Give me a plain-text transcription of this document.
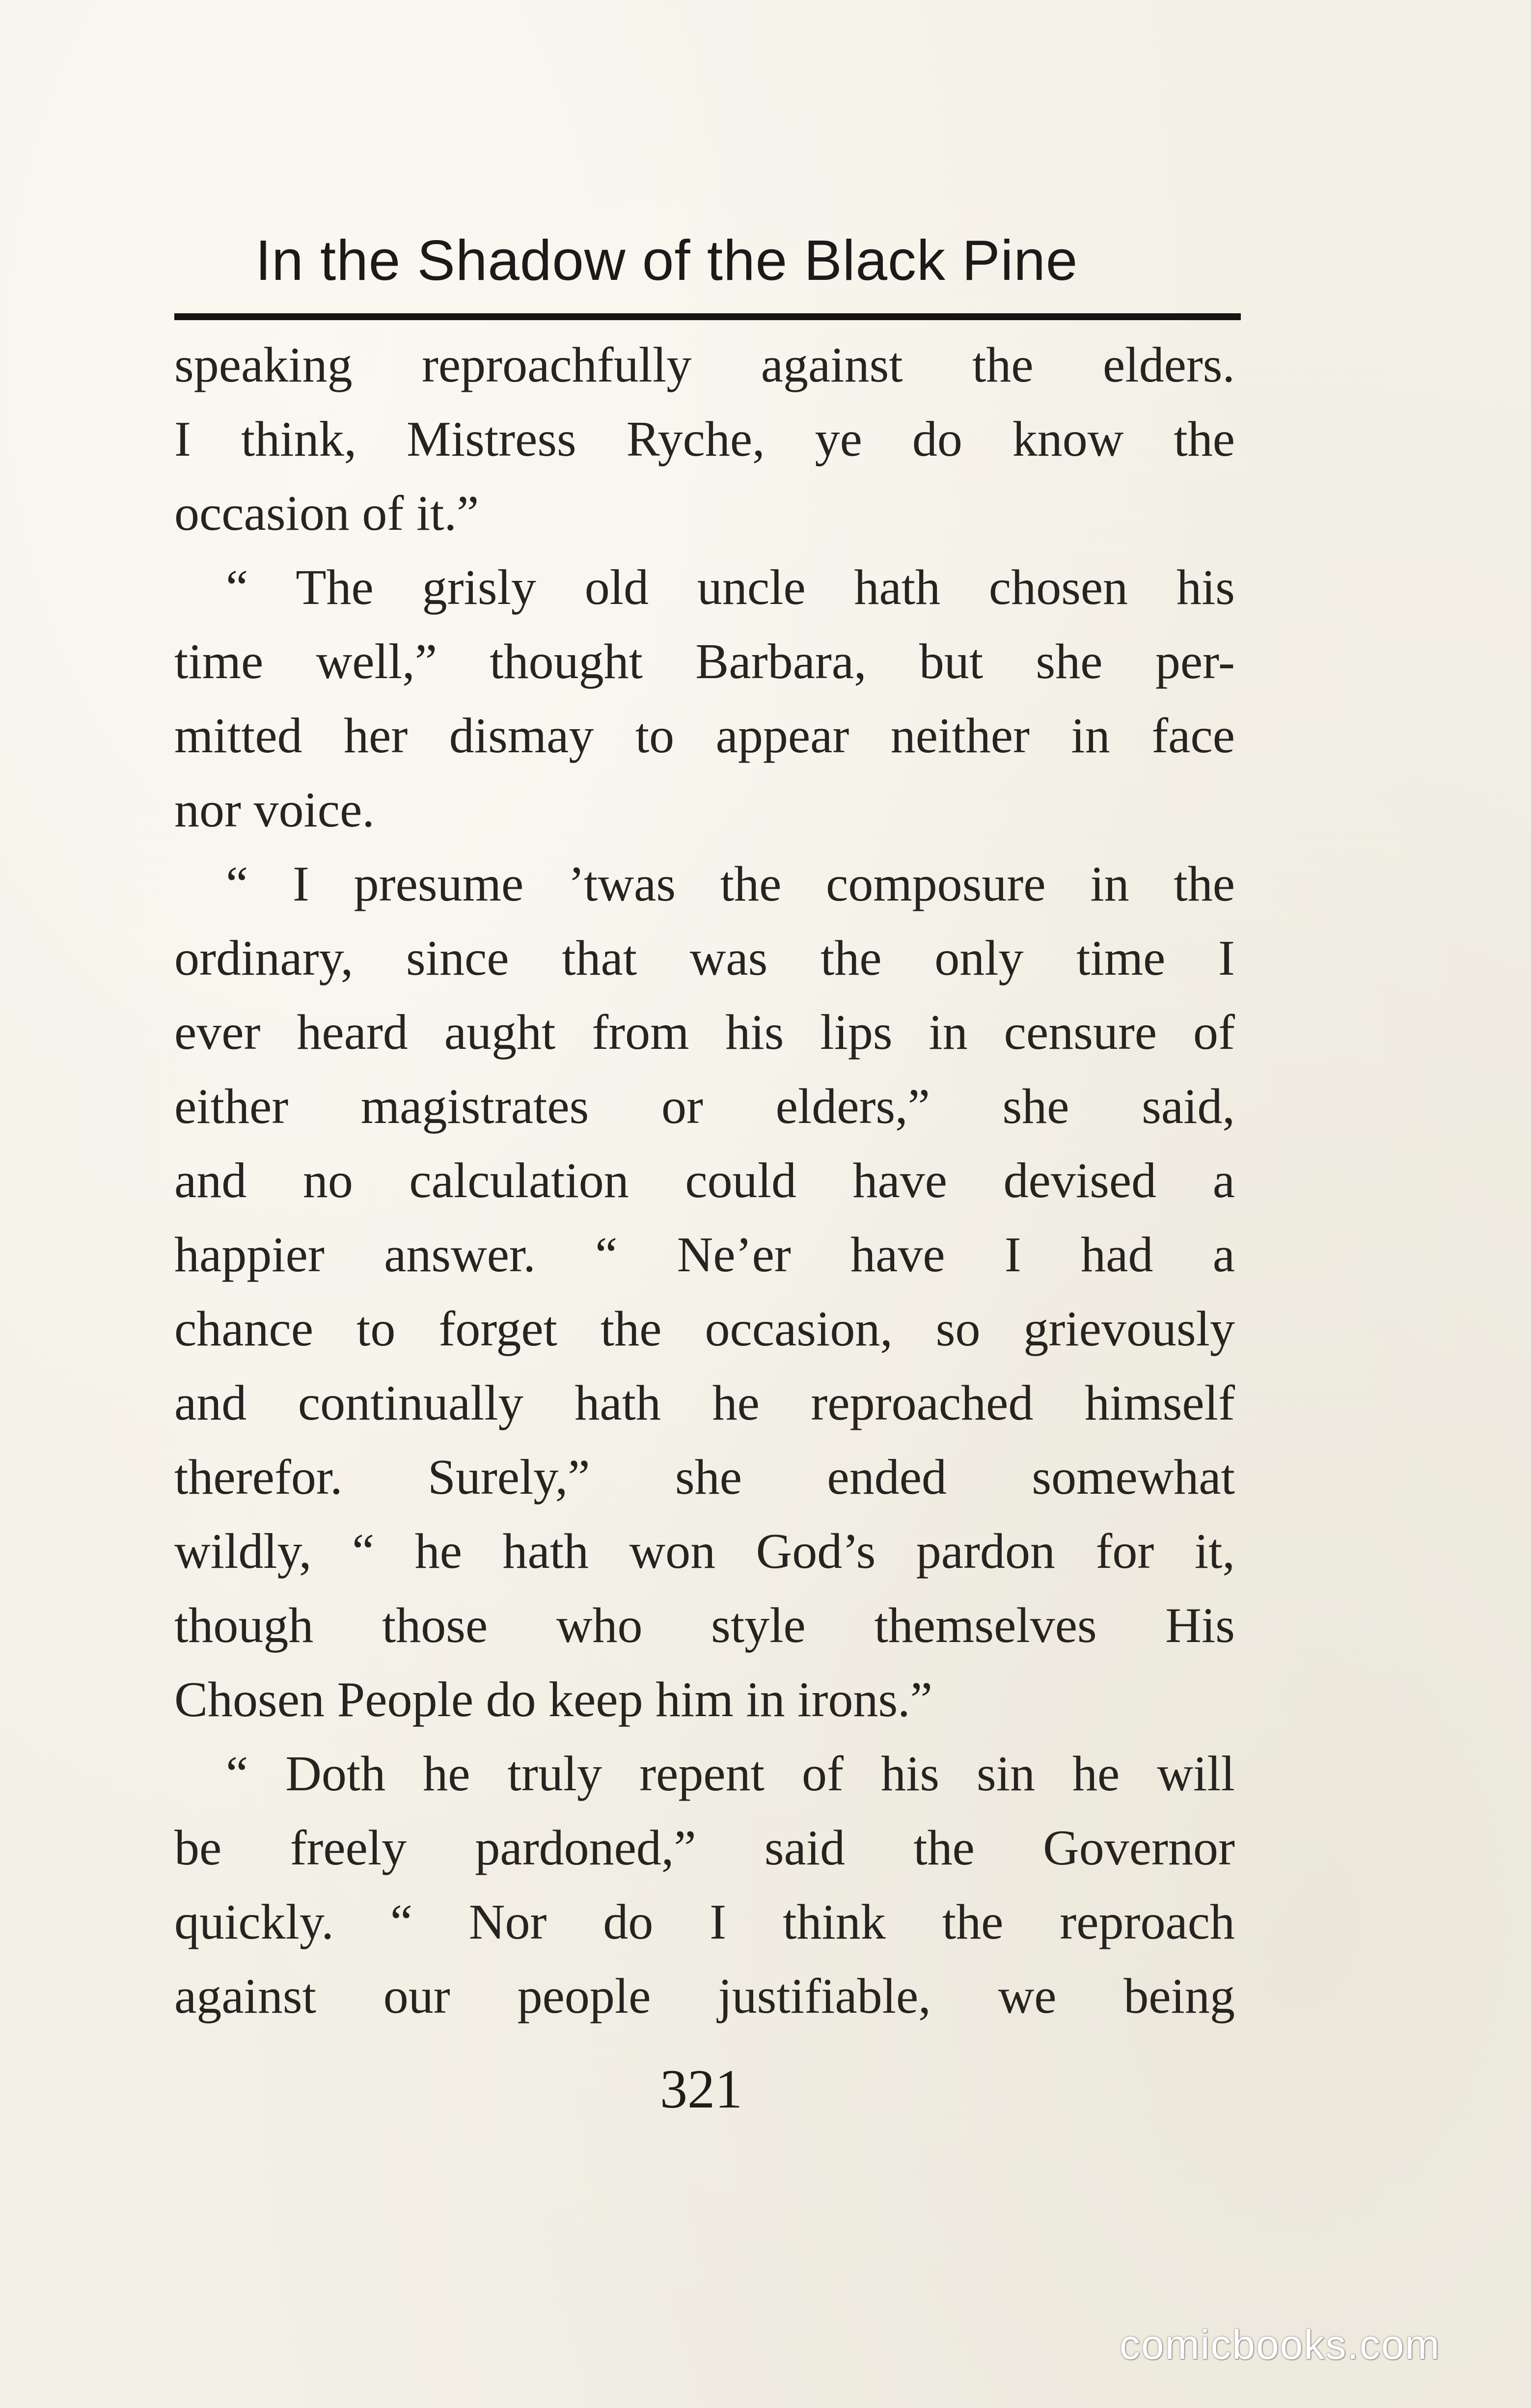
In the Shadow of the Black Pine
speaking reproachfully against the elders.
I think, Mistress Ryche, ye do know the
occasion of it.”
“ The grisly old uncle hath chosen his
time well,” thought Barbara, but she per-
mitted her dismay to appear neither in face
nor voice.
“ I presume ’twas the composure in the
ordinary, since that was the only time I
ever heard aught from his lips in censure of
either magistrates or elders,” she said,
and no calculation could have devised a
happier answer. “ Ne’er have I had a
chance to forget the occasion, so grievously
and continually hath he reproached himself
therefor. Surely,” she ended somewhat
wildly, “ he hath won God’s pardon for it,
though those who style themselves His
Chosen People do keep him in irons.”
“ Doth he truly repent of his sin he will
be freely pardoned,” said the Governor
quickly. “ Nor do I think the reproach
against our people justifiable, we being
321
comicbooks.com
